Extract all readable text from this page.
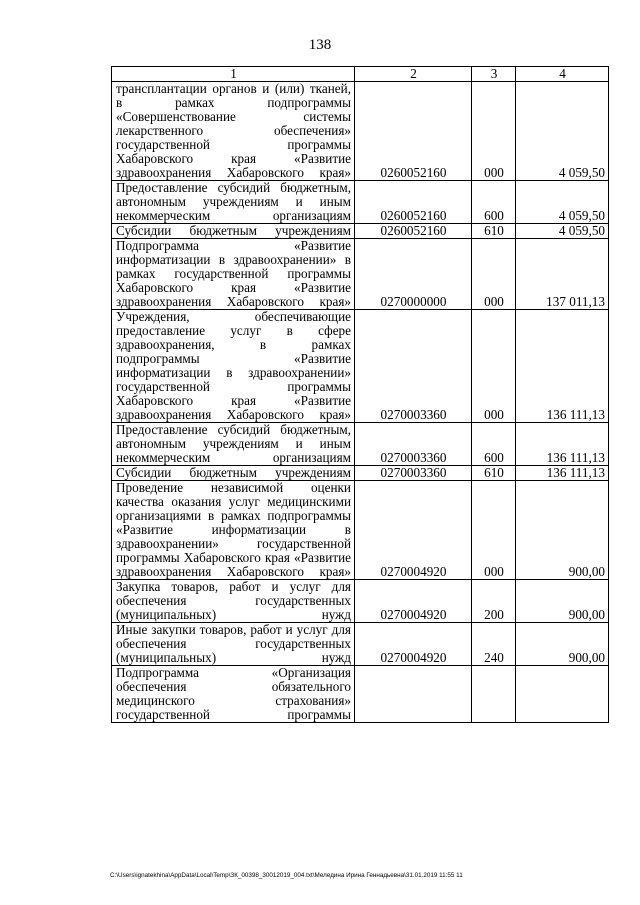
138
1	2	3	4
трансплантации органов и (или) тканей, в рамках подпрограммы «Совершенствование системы лекарственного обеспечения» государственной программы Хабаровского края «Развитие здравоохранения Хабаровского края»	0260052160	000	4 059,50
Предоставление субсидий бюджетным, автономным учреждениям и иным некоммерческим организациям	0260052160	600	4 059,50
Субсидии бюджетным учреждениям	0260052160	610	4 059,50
Подпрограмма «Развитие информатизации в здравоохранении» в рамках государственной программы Хабаровского края «Развитие здравоохранения Хабаровского края»	0270000000	000	137 011,13
Учреждения, обеспечивающие предоставление услуг в сфере здравоохранения, в рамках подпрограммы «Развитие информатизации в здравоохранении» государственной программы Хабаровского края «Развитие здравоохранения Хабаровского края»	0270003360	000	136 111,13
Предоставление субсидий бюджетным, автономным учреждениям и иным некоммерческим организациям	0270003360	600	136 111,13
Субсидии бюджетным учреждениям	0270003360	610	136 111,13
Проведение независимой оценки качества оказания услуг медицинскими организациями в рамках подпрограммы «Развитие информатизации в здравоохранении» государственной программы Хабаровского края «Развитие здравоохранения Хабаровского края»	0270004920	000	900,00
Закупка товаров, работ и услуг для обеспечения государственных (муниципальных) нужд	0270004920	200	900,00
Иные закупки товаров, работ и услуг для обеспечения государственных (муниципальных) нужд	0270004920	240	900,00
Подпрограмма «Организация обеспечения обязательного медицинского страхования» государственной программы			
C:\Users\ignatekhina\AppData\Local\Temp\ЗК_00398_30012019_004.txt\Меледина Ирина Геннадьевна\31.01.2019 11:55 11
